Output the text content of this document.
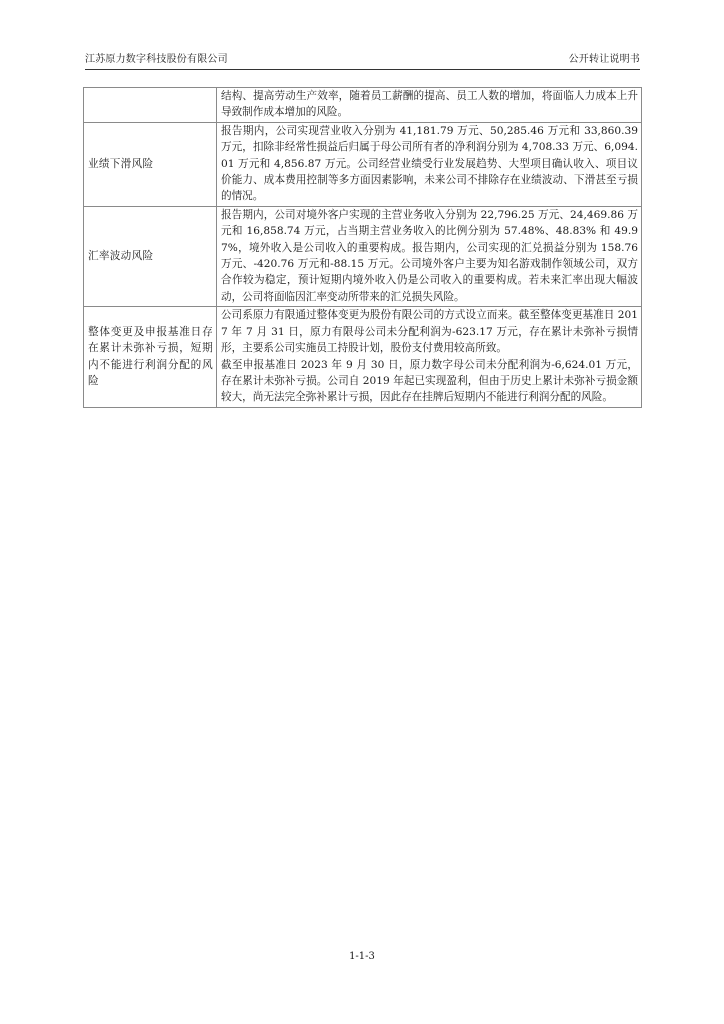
江苏原力数字科技股份有限公司	公开转让说明书

	结构、提高劳动生产效率，随着员工薪酬的提高、员工人数的增加，将面临人力成本上升导致制作成本增加的风险。

业绩下滑风险	报告期内，公司实现营业收入分别为 41,181.79 万元、50,285.46 万元和 33,860.39 万元，扣除非经常性损益后归属于母公司所有者的净利润分别为 4,708.33 万元、6,094.01 万元和 4,856.87 万元。公司经营业绩受行业发展趋势、大型项目确认收入、项目议价能力、成本费用控制等多方面因素影响，未来公司不排除存在业绩波动、下滑甚至亏损的情况。

汇率波动风险	报告期内，公司对境外客户实现的主营业务收入分别为 22,796.25 万元、24,469.86 万元和 16,858.74 万元，占当期主营业务收入的比例分别为 57.48%、48.83% 和 49.97%，境外收入是公司收入的重要构成。报告期内，公司实现的汇兑损益分别为 158.76 万元、-420.76 万元和-88.15 万元。公司境外客户主要为知名游戏制作领域公司，双方合作较为稳定，预计短期内境外收入仍是公司收入的重要构成。若未来汇率出现大幅波动，公司将面临因汇率变动所带来的汇兑损失风险。

整体变更及申报基准日存在累计未弥补亏损，短期内不能进行利润分配的风险	公司系原力有限通过整体变更为股份有限公司的方式设立而来。截至整体变更基准日 2017 年 7 月 31 日，原力有限母公司未分配利润为-623.17 万元，存在累计未弥补亏损情形，主要系公司实施员工持股计划，股份支付费用较高所致。
截至申报基准日 2023 年 9 月 30 日，原力数字母公司未分配利润为-6,624.01 万元，存在累计未弥补亏损。公司自 2019 年起已实现盈利，但由于历史上累计未弥补亏损金额较大，尚无法完全弥补累计亏损，因此存在挂牌后短期内不能进行利润分配的风险。
1-1-3
